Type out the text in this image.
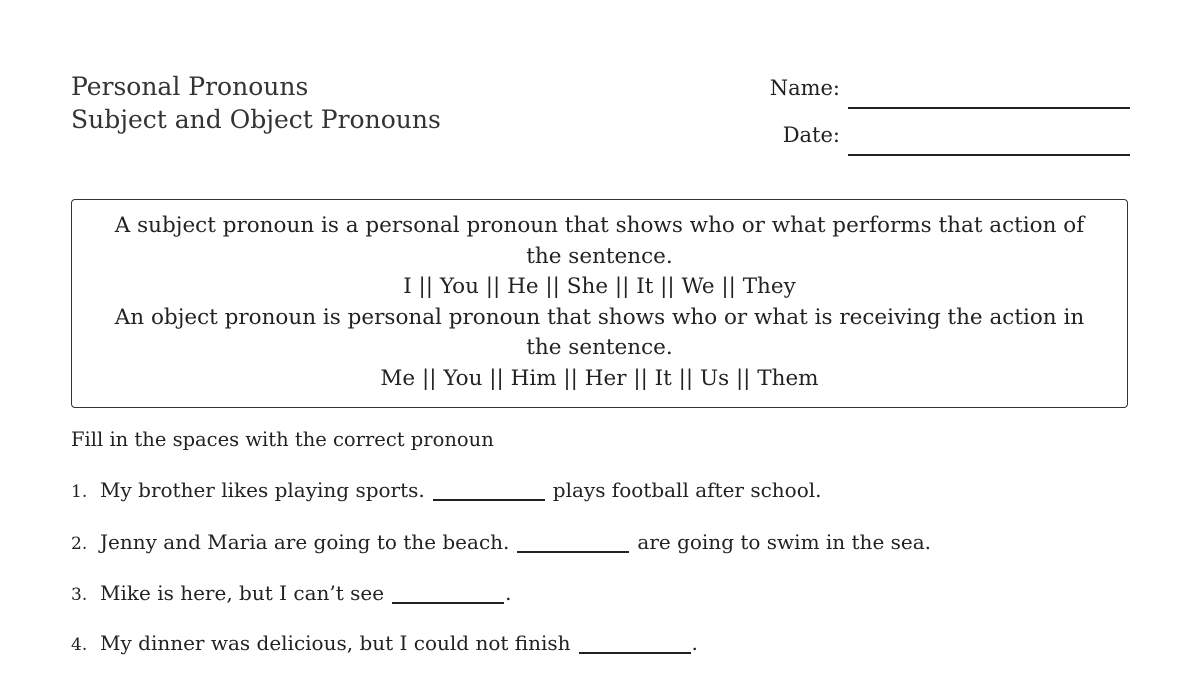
Personal Pronouns
Subject and Object Pronouns
Name:
Date:
A subject pronoun is a personal pronoun that shows who or what performs that action of the sentence.
I || You || He || She || It || We || They
An object pronoun is personal pronoun that shows who or what is receiving the action in the sentence.
Me || You || Him || Her || It || Us || Them
Fill in the spaces with the correct pronoun
1. My brother likes playing sports.	plays football after school.
2. Jenny and Maria are going to the beach.	are going to swim in the sea.
3. Mike is here, but I can’t see	.
4. My dinner was delicious, but I could not finish	.
